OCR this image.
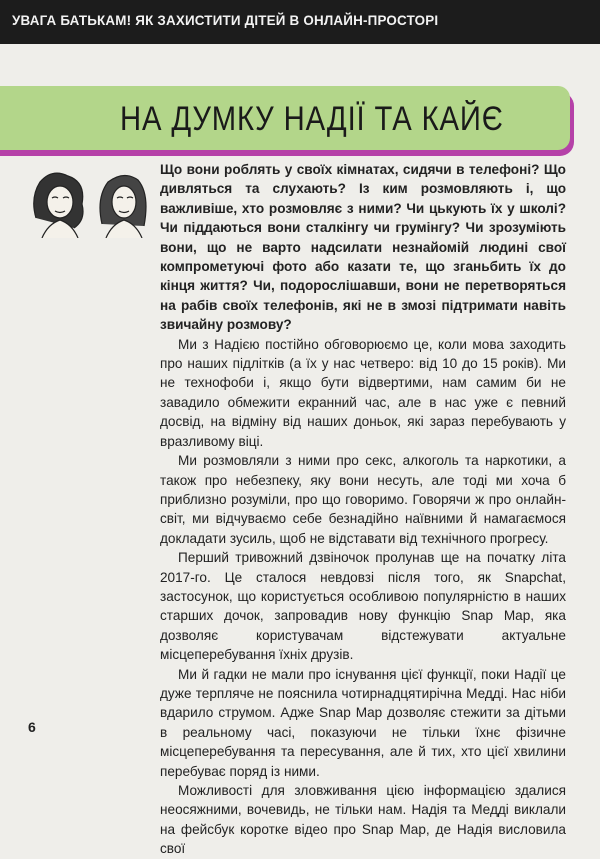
УВАГА БАТЬКАМ! ЯК ЗАХИСТИТИ ДІТЕЙ В ОНЛАЙН-ПРОСТОРІ
НА ДУМКУ НАДІЇ ТА КАЙЄ

Що вони роблять у своїх кімнатах, сидячи в телефоні? Що дивляться та слухають? Із ким розмовляють і, що важливіше, хто розмовляє з ними? Чи цькують їх у школі? Чи піддаються вони сталкінгу чи грумінгу? Чи зрозуміють вони, що не варто надсилати незнайомій людині свої компрометуючі фото або казати те, що зганьбить їх до кінця життя? Чи, подорослішавши, вони не перетворяться на рабів своїх телефонів, які не в змозі підтримати навіть звичайну розмову?

Ми з Надією постійно обговорюємо це, коли мова заходить про наших підлітків (а їх у нас четверо: від 10 до 15 років). Ми не технофоби і, якщо бути відвертими, нам самим би не завадило обмежити екранний час, але в нас уже є певний досвід, на відміну від наших доньок, які зараз перебувають у вразливому віці.

Ми розмовляли з ними про секс, алкоголь та наркотики, а також про небезпеку, яку вони несуть, але тоді ми хоча б приблизно розуміли, про що говоримо. Говорячи ж про онлайн-світ, ми відчуваємо себе безнадійно наївними й намагаємося докладати зусиль, щоб не відставати від технічного прогресу.

Перший тривожний дзвіночок пролунав ще на початку літа 2017-го. Це сталося невдовзі після того, як Snapchat, застосунок, що користується особливою популярністю в наших старших дочок, запровадив нову функцію Snap Map, яка дозволяє користувачам відстежувати актуальне місцеперебування їхніх друзів.

Ми й гадки не мали про існування цієї функції, поки Надії це дуже терпляче не пояснила чотирнадцятирічна Медді. Нас ніби вдарило струмом. Адже Snap Map дозволяє стежити за дітьми в реальному часі, показуючи не тільки їхнє фізичне місцеперебування та пересування, але й тих, хто цієї хвилини перебуває поряд із ними.

Можливості для зловживання цією інформацією здалися неосяжними, вочевидь, не тільки нам. Надія та Медді виклали на фейсбук коротке відео про Snap Map, де Надія висловила свої

6
